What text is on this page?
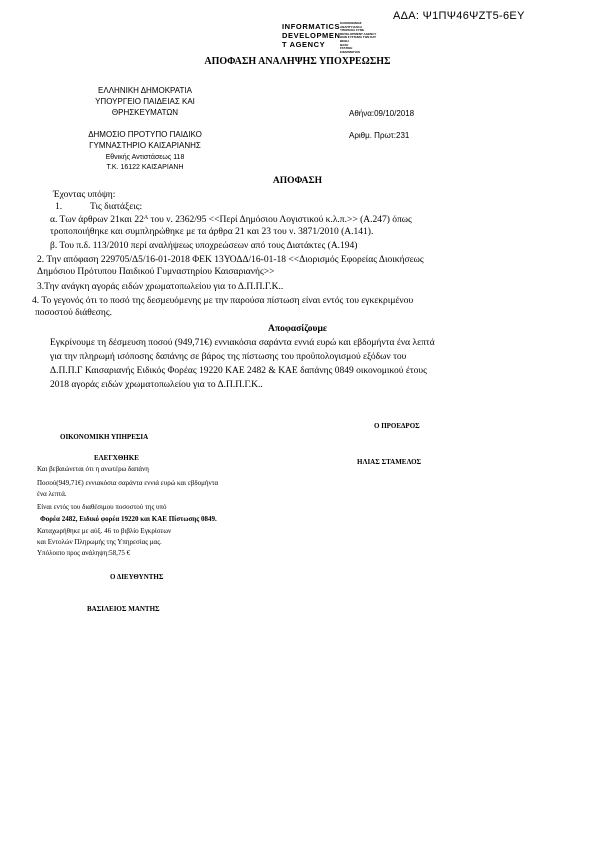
ΑΔΑ: Ψ1ΠΨ46ΨΖΤ5-6ΕΥ
INFORMATICS
DEVELOPMEN
T AGENCY
ΚΛΙΚΟΙΝΩΝΙΑΣ
ΑΝΑΠΤΥΞΙΑΚΗ
ΥΠΗΡΕΣΙΑ ΣΥΝΕ
DEVELOPMENT AGENCY
ΩΩΝ ΣΥΣΤΗΜΑ ΤΩΝ ΚΑΤ
ΒΕΘΗ
ΒΑΣΗ
ΣΤΑΤΙΚΗ
ΕΦΑΡΜΟΓΩΝ
ΑΠΟΦΑΣΗ ΑΝΑΛΗΨΗΣ ΥΠΟΧΡΕΩΣΗΣ
ΕΛΛΗΝΙΚΗ ΔΗΜΟΚΡΑΤΙΑ
ΥΠΟΥΡΓΕΙΟ ΠΑΙΔΕΙΑΣ ΚΑΙ
ΘΡΗΣΚΕΥΜΑΤΩΝ	Αθήνα:09/10/2018
ΔΗΜΟΣΙΟ ΠΡΟΤΥΠΟ ΠΑΙΔΙΚΟ
ΓΥΜΝΑΣΤΗΡΙΟ ΚΑΙΣΑΡΙΑΝΗΣ
Αριθμ. Πρωτ:231
Εθνικής Αντιστάσεως 118
Τ.Κ. 16122 ΚΑΙΣΑΡΙΑΝΗ
ΑΠΟΦΑΣΗ
Έχοντας υπόψη:
1.	Τις διατάξεις:
α. Των άρθρων 21και $22^A$ του ν. 2362/95 <<Περί Δημόσιου Λογιστικού κ.λ.π.>> (Α.247) όπως
τροποποιήθηκε και συμπληρώθηκε με τα άρθρα 21 και 23 του ν. 3871/2010 (Α.141).
β. Του π.δ. 113/2010 περί αναλήψεως υποχρεώσεων από τους Διατάκτες (Α.194)
2. Την απόφαση 229705/Δ5/16-01-2018 ΦΕΚ 13ΥΟΔΔ/16-01-18 <<Διορισμός Εφορείας Διοικήσεως
Δημόσιου Πρότυπου Παιδικού Γυμναστηρίου Καισαριανής>>
3.Την ανάγκη αγοράς ειδών χρωματοπωλείου για το Δ.Π.Π.Γ.Κ..
4. Το γεγονός ότι το ποσό της δεσμευόμενης με την παρούσα πίστωση είναι εντός του εγκεκριμένου
ποσοστού διάθεσης.
Αποφασίζουμε
Εγκρίνουμε τη δέσμευση ποσού (949,71€) εννιακόσια σαράντα εννιά ευρώ και εβδομήντα ένα λεπτά
για την πληρωμή ισόποσης δαπάνης σε βάρος της πίστωσης του προϋπολογισμού εξόδων του
Δ.Π.Π.Γ Καισαριανής Ειδικός Φορέας 19220 ΚΑΕ 2482 & ΚΑΕ δαπάνης 0849 οικονομικού έτους
2018 αγοράς ειδών χρωματοπωλείου για το Δ.Π.Π.Γ.Κ..
Ο ΠΡΟΕΔΡΟΣ
ΟΙΚΟΝΟΜΙΚΗ ΥΠΗΡΕΣΙΑ
ΗΛΙΑΣ ΣΤΑΜΕΛΟΣ
ΕΛΕΓΧΘΗΚΕ
Και βεβαιώνεται ότι η ανωτέρω δαπάνη
Ποσού(949,71€) εννιακόσια σαράντα εννιά ευρώ και εβδομήντα
ένα λεπτά.
Είναι εντός του διαθέσιμου ποσοστού της υπό
Φορέα 2482, Ειδικό φορέα 19220 και ΚΑΕ Πίστωσης 0849.
Καταχωρήθηκε με αύξ. 46 το βιβλίο Εγκρίσεων
και Εντολών Πληρωμής της Υπηρεσίας μας.
Υπόλοιπο προς ανάληψη:58,75 €
Ο ΔΙΕΥΘΥΝΤΗΣ
ΒΑΣΙΛΕΙΟΣ ΜΑΝΤΗΣ
